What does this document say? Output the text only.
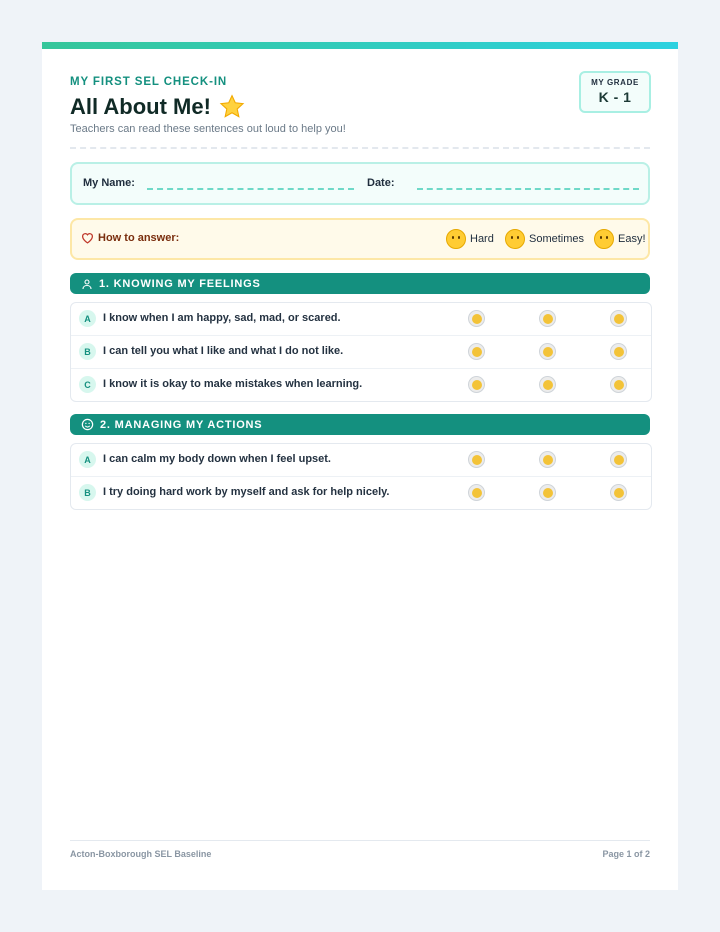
MY FIRST SEL CHECK-IN
All About Me!
Teachers can read these sentences out loud to help you!
MY GRADE
K - 1
My Name:	Date:
How to answer:	Hard	Sometimes	Easy!
1. KNOWING MY FEELINGS
A	I know when I am happy, sad, mad, or scared.
B	I can tell you what I like and what I do not like.
C	I know it is okay to make mistakes when learning.
2. MANAGING MY ACTIONS
A	I can calm my body down when I feel upset.
B	I try doing hard work by myself and ask for help nicely.
Acton-Boxborough SEL Baseline	Page 1 of 2
